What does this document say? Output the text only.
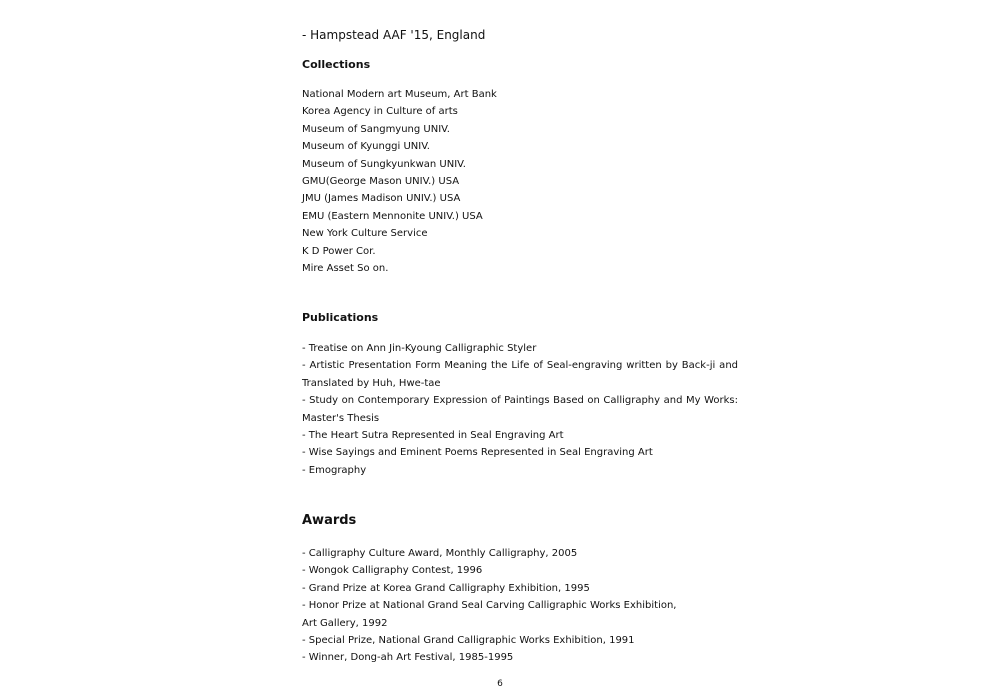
- Hampstead AAF '15, England
Collections
National Modern art Museum, Art Bank
Korea Agency in Culture of arts
Museum of Sangmyung UNIV.
Museum of Kyunggi UNIV.
Museum of Sungkyunkwan UNIV.
GMU(George Mason UNIV.) USA
JMU (James Madison UNIV.) USA
EMU (Eastern Mennonite UNIV.) USA
New York Culture Service
K D Power Cor.
Mire Asset So on.
Publications
- Treatise on Ann Jin-Kyoung Calligraphic Styler
- Artistic Presentation Form Meaning the Life of Seal-engraving written by Back-ji and Translated by Huh, Hwe-tae
- Study on Contemporary Expression of Paintings Based on Calligraphy and My Works: Master's Thesis
- The Heart Sutra Represented in Seal Engraving Art
- Wise Sayings and Eminent Poems Represented in Seal Engraving Art
- Emography
Awards
- Calligraphy Culture Award, Monthly Calligraphy, 2005
- Wongok Calligraphy Contest, 1996
- Grand Prize at Korea Grand Calligraphy Exhibition, 1995
- Honor Prize at National Grand Seal Carving Calligraphic Works Exhibition,
Art Gallery, 1992
- Special Prize, National Grand Calligraphic Works Exhibition, 1991
- Winner, Dong-ah Art Festival, 1985-1995
6
